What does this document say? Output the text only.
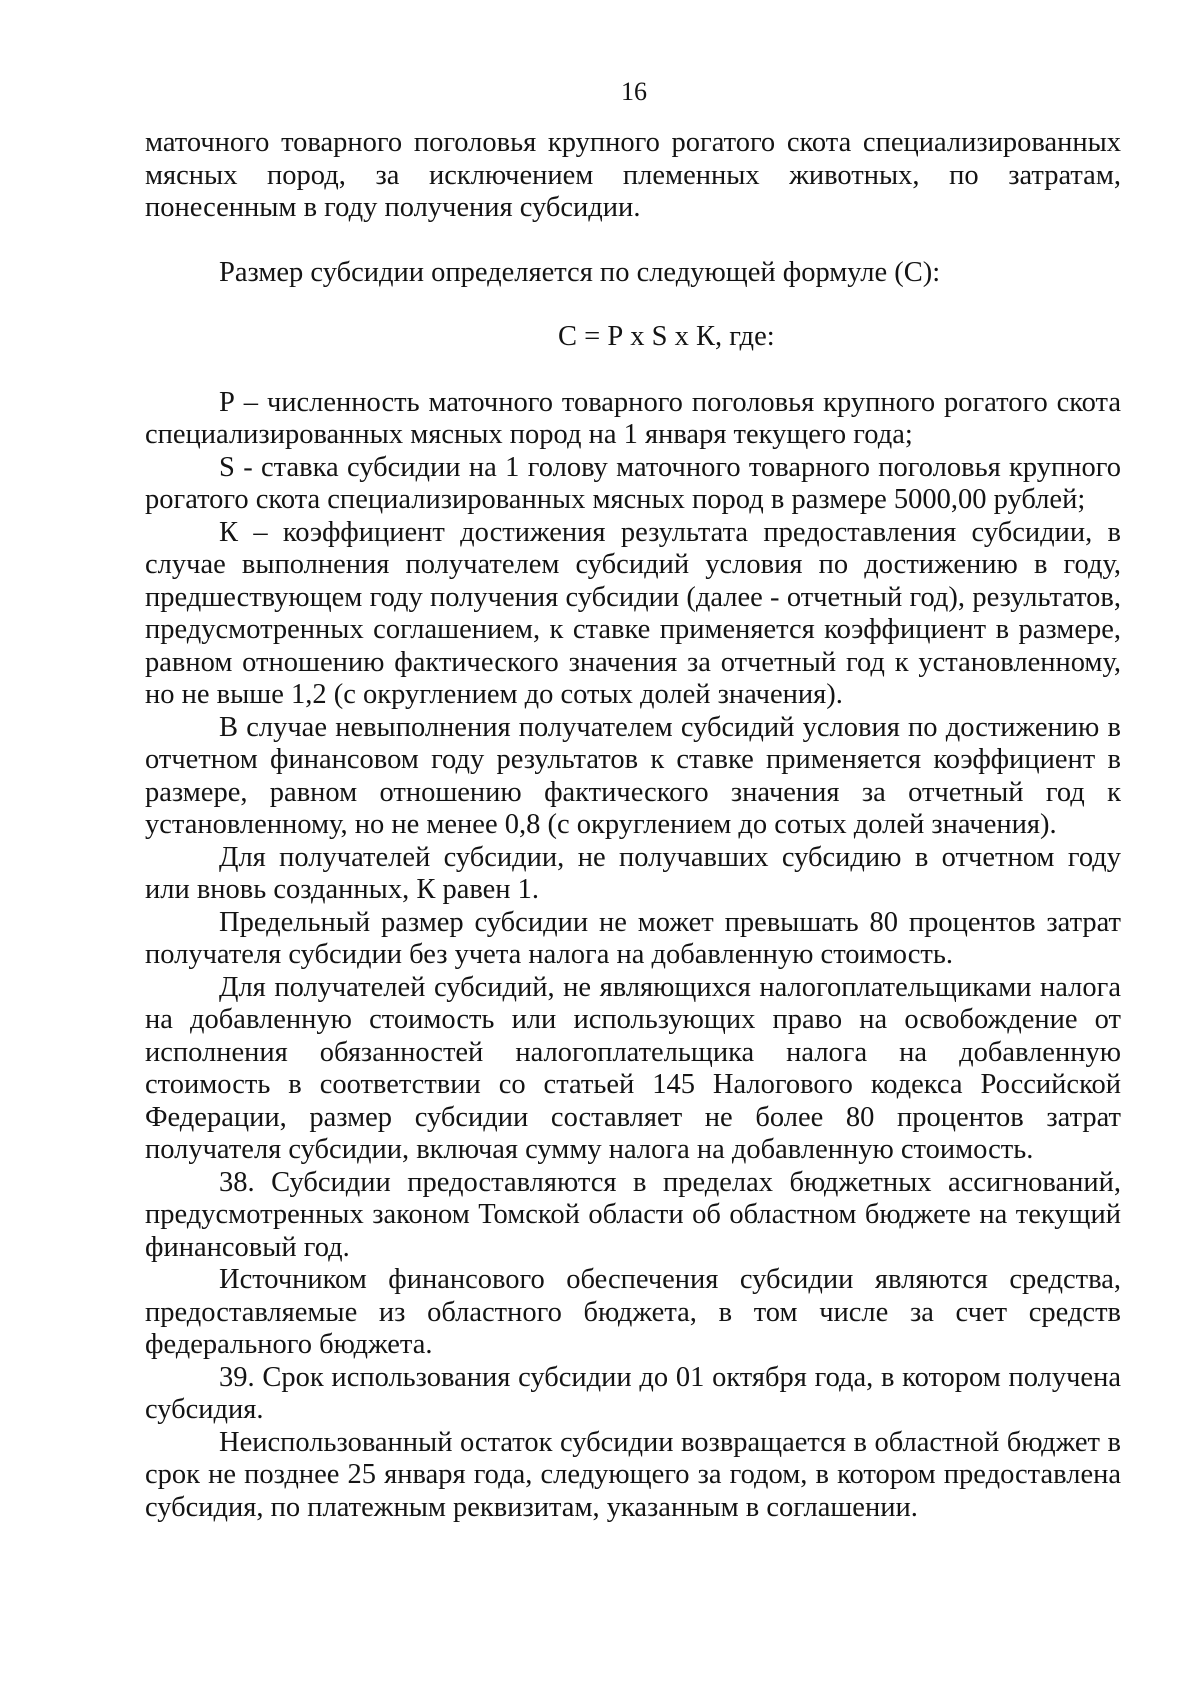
16

маточного товарного поголовья крупного рогатого скота специализированных мясных пород, за исключением племенных животных, по затратам, понесенным в году получения субсидии.

Размер субсидии определяется по следующей формуле (С):

С = Р х S х К, где:

Р – численность маточного товарного поголовья крупного рогатого скота специализированных мясных пород на 1 января текущего года;

S - ставка субсидии на 1 голову маточного товарного поголовья крупного рогатого скота специализированных мясных пород в размере 5000,00 рублей;

К – коэффициент достижения результата предоставления субсидии, в случае выполнения получателем субсидий условия по достижению в году, предшествующем году получения субсидии (далее - отчетный год), результатов, предусмотренных соглашением, к ставке применяется коэффициент в размере, равном отношению фактического значения за отчетный год к установленному, но не выше 1,2 (с округлением до сотых долей значения).

В случае невыполнения получателем субсидий условия по достижению в отчетном финансовом году результатов к ставке применяется коэффициент в размере, равном отношению фактического значения за отчетный год к установленному, но не менее 0,8 (с округлением до сотых долей значения).

Для получателей субсидии, не получавших субсидию в отчетном году или вновь созданных, К равен 1.

Предельный размер субсидии не может превышать 80 процентов затрат получателя субсидии без учета налога на добавленную стоимость.

Для получателей субсидий, не являющихся налогоплательщиками налога на добавленную стоимость или использующих право на освобождение от исполнения обязанностей налогоплательщика налога на добавленную стоимость в соответствии со статьей 145 Налогового кодекса Российской Федерации, размер субсидии составляет не более 80 процентов затрат получателя субсидии, включая сумму налога на добавленную стоимость.

38. Субсидии предоставляются в пределах бюджетных ассигнований, предусмотренных законом Томской области об областном бюджете на текущий финансовый год.

Источником финансового обеспечения субсидии являются средства, предоставляемые из областного бюджета, в том числе за счет средств федерального бюджета.

39. Срок использования субсидии до 01 октября года, в котором получена субсидия.

Неиспользованный остаток субсидии возвращается в областной бюджет в срок не позднее 25 января года, следующего за годом, в котором предоставлена субсидия, по платежным реквизитам, указанным в соглашении.
